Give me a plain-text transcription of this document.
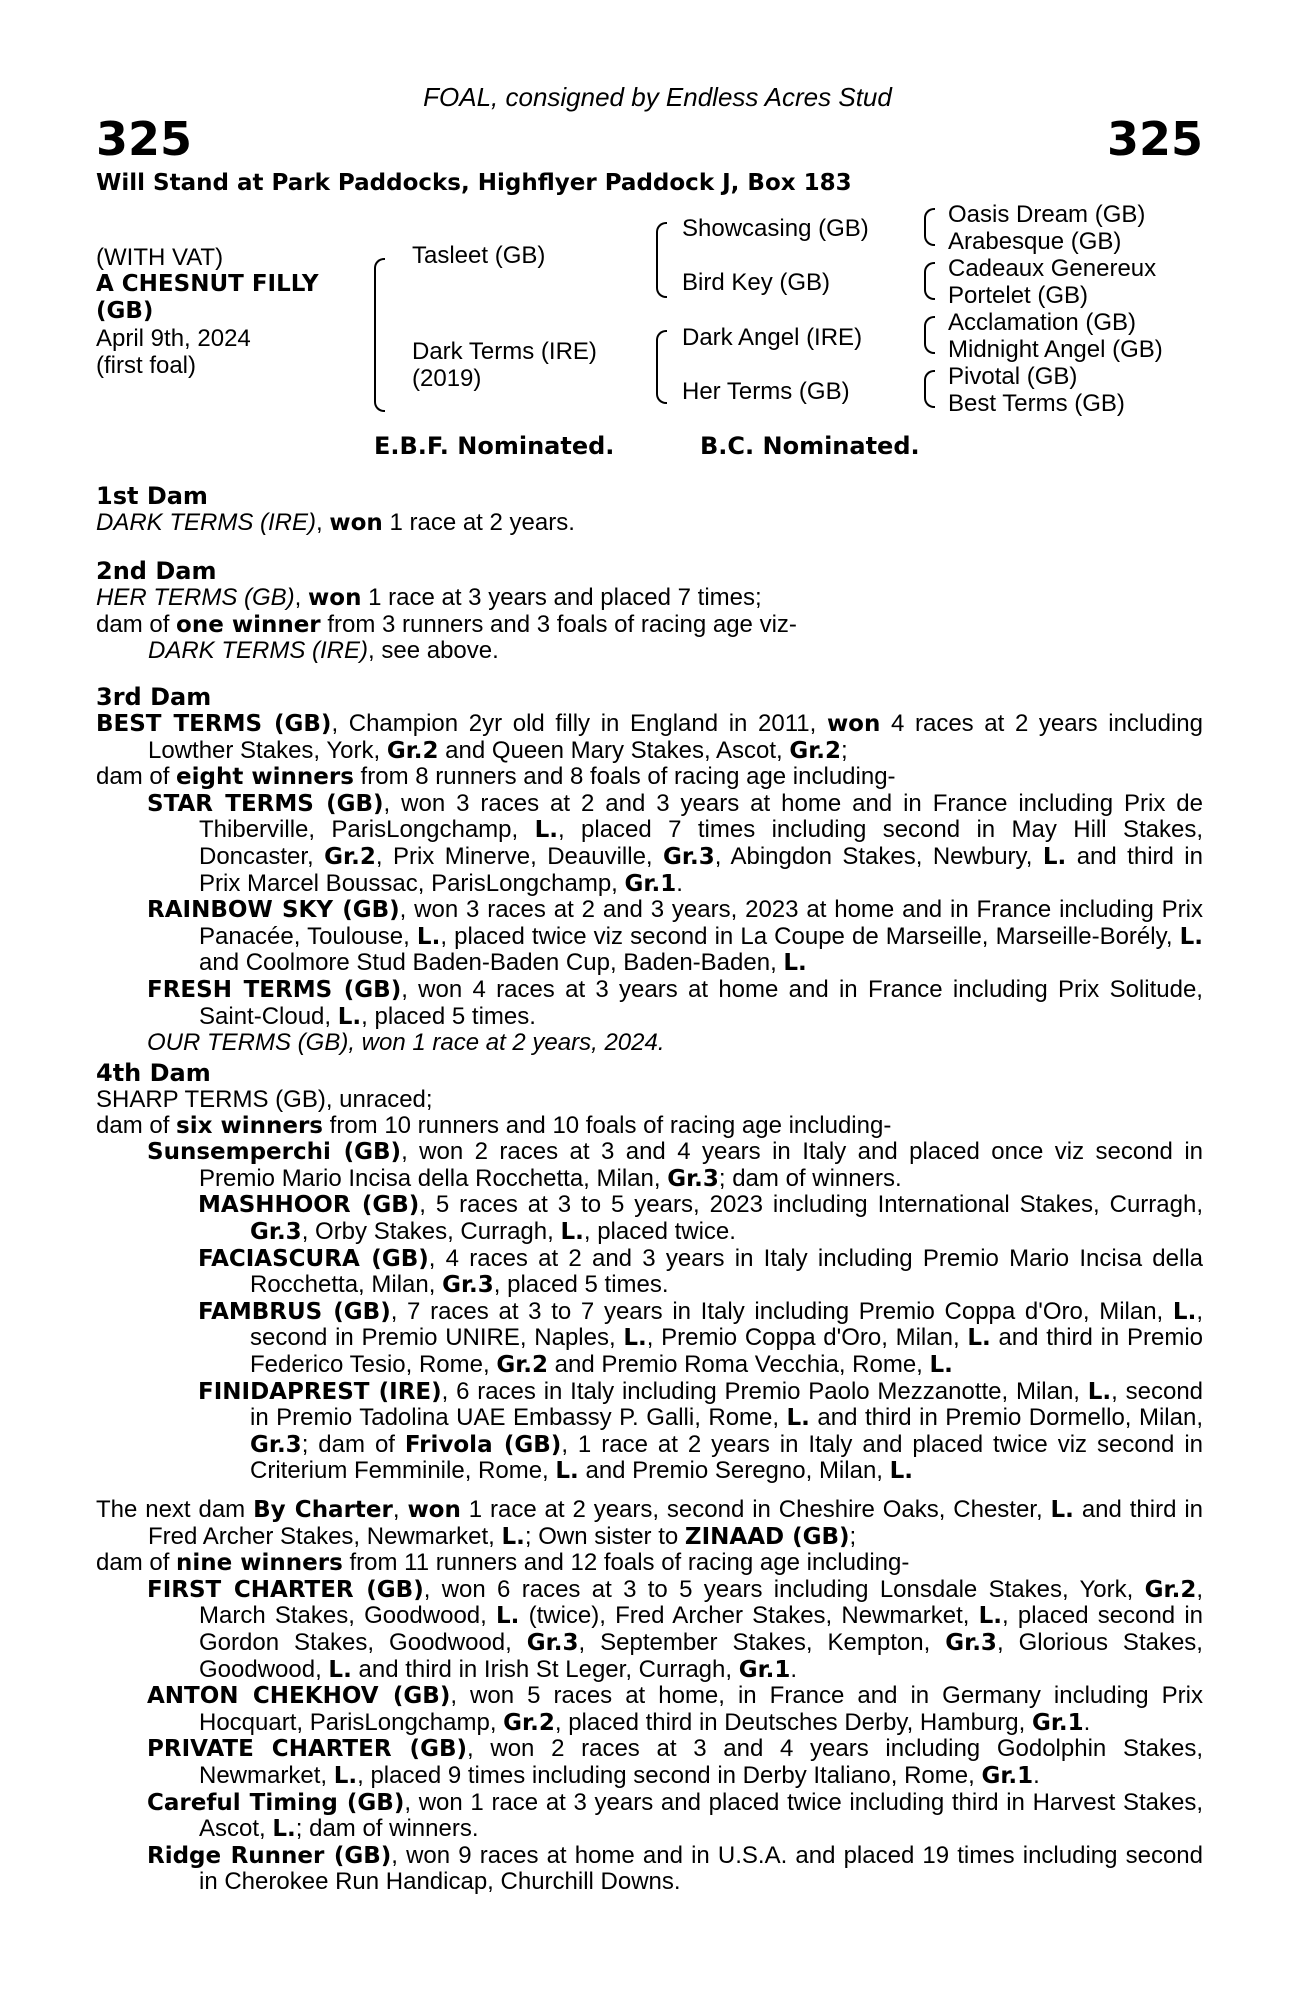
FOAL, consigned by Endless Acres Stud
325	325
Will Stand at Park Paddocks, Highflyer Paddock J, Box 183
(WITH VAT)
A CHESNUT FILLY
(GB)
April 9th, 2024
(first foal)
Tasleet (GB)
Dark Terms (IRE)
(2019)
Showcasing (GB)
Bird Key (GB)
Dark Angel (IRE)
Her Terms (GB)
Oasis Dream (GB)
Arabesque (GB)
Cadeaux Genereux
Portelet (GB)
Acclamation (GB)
Midnight Angel (GB)
Pivotal (GB)
Best Terms (GB)
E.B.F. Nominated.	B.C. Nominated.
1st Dam

DARK TERMS (IRE), won 1 race at 2 years.

2nd Dam

HER TERMS (GB), won 1 race at 3 years and placed 7 times;

dam of one winner from 3 runners and 3 foals of racing age viz-

DARK TERMS (IRE), see above.

3rd Dam

BEST TERMS (GB), Champion 2yr old filly in England in 2011, won 4 races at 2 years including Lowther Stakes, York, Gr.2 and Queen Mary Stakes, Ascot, Gr.2;

dam of eight winners from 8 runners and 8 foals of racing age including-

STAR TERMS (GB), won 3 races at 2 and 3 years at home and in France including Prix de Thiberville, ParisLongchamp, L., placed 7 times including second in May Hill Stakes, Doncaster, Gr.2, Prix Minerve, Deauville, Gr.3, Abingdon Stakes, Newbury, L. and third in Prix Marcel Boussac, ParisLongchamp, Gr.1.

RAINBOW SKY (GB), won 3 races at 2 and 3 years, 2023 at home and in France including Prix Panacée, Toulouse, L., placed twice viz second in La Coupe de Marseille, Marseille-Borély, L. and Coolmore Stud Baden-Baden Cup, Baden-Baden, L.

FRESH TERMS (GB), won 4 races at 3 years at home and in France including Prix Solitude, Saint-Cloud, L., placed 5 times.

OUR TERMS (GB), won 1 race at 2 years, 2024.

4th Dam

SHARP TERMS (GB), unraced;

dam of six winners from 10 runners and 10 foals of racing age including-

Sunsemperchi (GB), won 2 races at 3 and 4 years in Italy and placed once viz second in Premio Mario Incisa della Rocchetta, Milan, Gr.3; dam of winners.

MASHHOOR (GB), 5 races at 3 to 5 years, 2023 including International Stakes, Curragh, Gr.3, Orby Stakes, Curragh, L., placed twice.

FACIASCURA (GB), 4 races at 2 and 3 years in Italy including Premio Mario Incisa della Rocchetta, Milan, Gr.3, placed 5 times.

FAMBRUS (GB), 7 races at 3 to 7 years in Italy including Premio Coppa d'Oro, Milan, L., second in Premio UNIRE, Naples, L., Premio Coppa d'Oro, Milan, L. and third in Premio Federico Tesio, Rome, Gr.2 and Premio Roma Vecchia, Rome, L.

FINIDAPREST (IRE), 6 races in Italy including Premio Paolo Mezzanotte, Milan, L., second in Premio Tadolina UAE Embassy P. Galli, Rome, L. and third in Premio Dormello, Milan, Gr.3; dam of Frivola (GB), 1 race at 2 years in Italy and placed twice viz second in Criterium Femminile, Rome, L. and Premio Seregno, Milan, L.

The next dam By Charter, won 1 race at 2 years, second in Cheshire Oaks, Chester, L. and third in Fred Archer Stakes, Newmarket, L.; Own sister to ZINAAD (GB);

dam of nine winners from 11 runners and 12 foals of racing age including-

FIRST CHARTER (GB), won 6 races at 3 to 5 years including Lonsdale Stakes, York, Gr.2, March Stakes, Goodwood, L. (twice), Fred Archer Stakes, Newmarket, L., placed second in Gordon Stakes, Goodwood, Gr.3, September Stakes, Kempton, Gr.3, Glorious Stakes, Goodwood, L. and third in Irish St Leger, Curragh, Gr.1.

ANTON CHEKHOV (GB), won 5 races at home, in France and in Germany including Prix Hocquart, ParisLongchamp, Gr.2, placed third in Deutsches Derby, Hamburg, Gr.1.

PRIVATE CHARTER (GB), won 2 races at 3 and 4 years including Godolphin Stakes, Newmarket, L., placed 9 times including second in Derby Italiano, Rome, Gr.1.

Careful Timing (GB), won 1 race at 3 years and placed twice including third in Harvest Stakes, Ascot, L.; dam of winners.

Ridge Runner (GB), won 9 races at home and in U.S.A. and placed 19 times including second in Cherokee Run Handicap, Churchill Downs.
